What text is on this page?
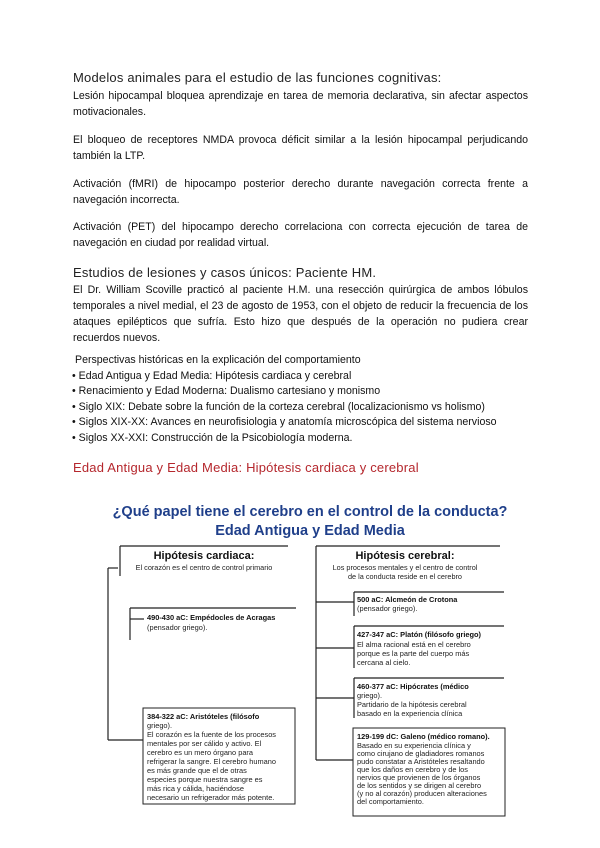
Modelos animales para el estudio de las funciones cognitivas:
Lesión hipocampal bloquea aprendizaje en tarea de memoria declarativa, sin afectar aspectos motivacionales.
El bloqueo de receptores NMDA provoca déficit similar a la lesión hipocampal perjudicando también la LTP.
Activación (fMRI) de hipocampo posterior derecho durante navegación correcta frente a navegación incorrecta.
Activación (PET) del hipocampo derecho correlaciona con correcta ejecución de tarea de navegación en ciudad por realidad virtual.
Estudios de lesiones y casos únicos: Paciente HM.
El Dr. William Scoville practicó al paciente H.M. una resección quirúrgica de ambos lóbulos temporales a nivel medial, el 23 de agosto de 1953, con el objeto de reducir la frecuencia de los ataques epilépticos que sufría. Esto hizo que después de la operación no pudiera crear recuerdos nuevos.
Perspectivas históricas en la explicación del comportamiento
• Edad Antigua y Edad Media: Hipótesis cardiaca y cerebral
• Renacimiento y Edad Moderna: Dualismo cartesiano y monismo
• Siglo XIX: Debate sobre la función de la corteza cerebral (localizacionismo vs holismo)
• Siglos XIX-XX: Avances en neurofisiologia y anatomía microscópica del sistema nervioso
• Siglos XX-XXI: Construcción de la Psicobiología moderna.
Edad Antigua y Edad Media: Hipótesis cardiaca y cerebral
¿Qué papel tiene el cerebro en el control de la conducta?
Edad Antigua y Edad Media
Hipótesis cardiaca:
El corazón es el centro de control primario
490-430 aC: Empédocles de Acragas
(pensador griego).
384-322 aC: Aristóteles (filósofo
griego). El corazón es la fuente de los procesos mentales por ser cálido y activo. El cerebro es un mero órgano para refrigerar la sangre. El cerebro humano es más grande que el de otras especies porque nuestra sangre es más rica y cálida, haciéndose necesario un refrigerador más potente.
Hipótesis cerebral:
Los procesos mentales y el centro de control
de la conducta reside en el cerebro
500 aC: Alcmeón de Crotona
(pensador griego).
427-347 aC: Platón (filósofo griego)
El alma racional está en el cerebro porque es la parte del cuerpo más cercana al cielo.
460-377 aC: Hipócrates (médico
griego). Partidario de la hipótesis cerebral basado en la experiencia clínica
129-199 dC: Galeno (médico romano).
Basado en su experiencia clínica y como cirujano de gladiadores romanos pudo constatar a Aristóteles resaltando que los daños en cerebro y de los nervios que provienen de los órganos de los sentidos y se dirigen al cerebro (y no al corazón) producen alteraciones del comportamiento.
